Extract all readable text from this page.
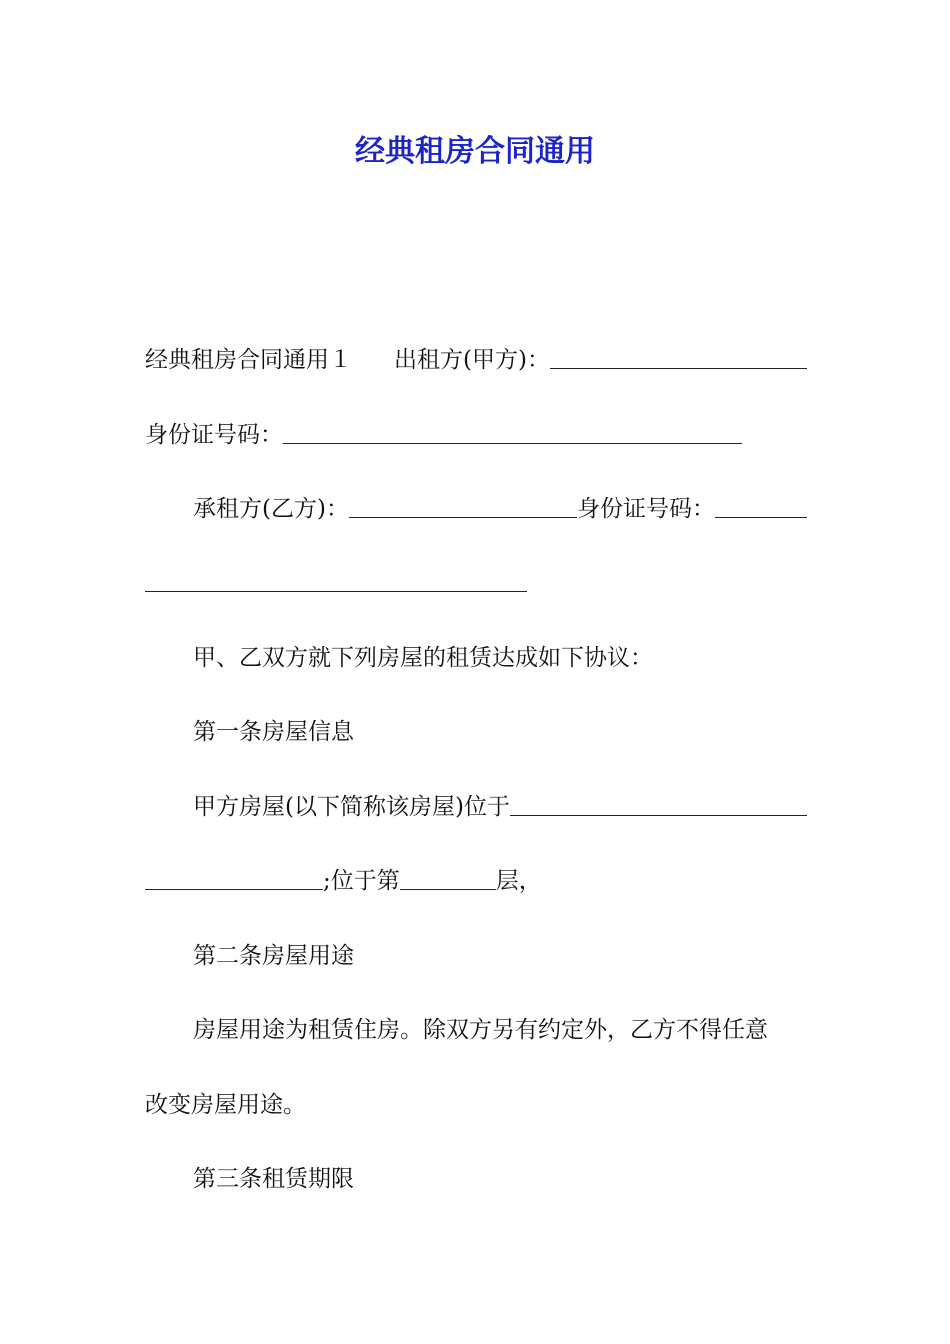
经典租房合同通用
经典租房合同通用１ 出租方(甲方)：
身份证号码：
承租方(乙方)：	身份证号码：
甲、乙双方就下列房屋的租赁达成如下协议：
第一条房屋信息
甲方房屋(以下简称该房屋)位于
;位于第	层，
第二条房屋用途
房屋用途为租赁住房。除双方另有约定外，乙方不得任意
改变房屋用途。
第三条租赁期限
